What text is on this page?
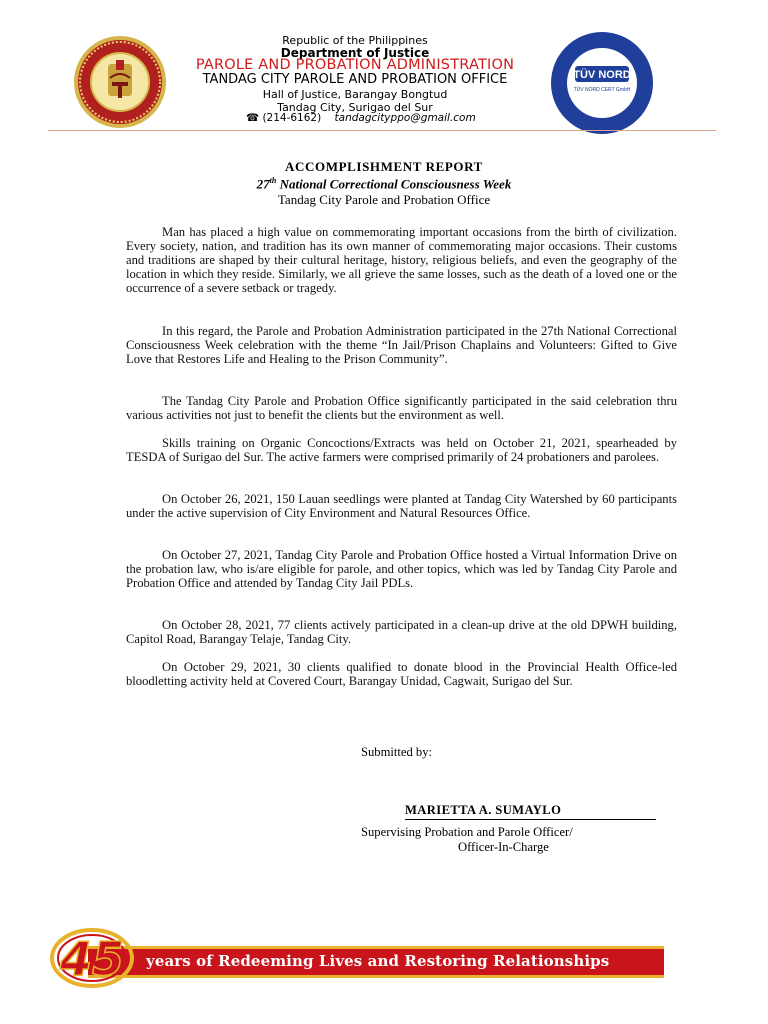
Republic of the Philippines
Department of Justice
PAROLE AND PROBATION ADMINISTRATION
TANDAG CITY PAROLE AND PROBATION OFFICE
Hall of Justice, Barangay Bongtud
Tandag City, Surigao del Sur
☎ (214-6162) tandagcityppo@gmail.com
TÜV NORD
TÜV NORD CERT GmbH
ISO 9001
ACCOMPLISHMENT REPORT
27th National Correctional Consciousness Week
Tandag City Parole and Probation Office

Man has placed a high value on commemorating important occasions from the birth of civilization. Every society, nation, and tradition has its own manner of commemorating major occasions. Their customs and traditions are shaped by their cultural heritage, history, religious beliefs, and even the geography of the location in which they reside. Similarly, we all grieve the same losses, such as the death of a loved one or the occurrence of a severe setback or tragedy.

In this regard, the Parole and Probation Administration participated in the 27th National Correctional Consciousness Week celebration with the theme “In Jail/Prison Chaplains and Volunteers: Gifted to Give Love that Restores Life and Healing to the Prison Community”.

The Tandag City Parole and Probation Office significantly participated in the said celebration thru various activities not just to benefit the clients but the environment as well.

Skills training on Organic Concoctions/Extracts was held on October 21, 2021, spearheaded by TESDA of Surigao del Sur. The active farmers were comprised primarily of 24 probationers and parolees.

On October 26, 2021, 150 Lauan seedlings were planted at Tandag City Watershed by 60 participants under the active supervision of City Environment and Natural Resources Office.

On October 27, 2021, Tandag City Parole and Probation Office hosted a Virtual Information Drive on the probation law, who is/are eligible for parole, and other topics, which was led by Tandag City Parole and Probation Office and attended by Tandag City Jail PDLs.

On October 28, 2021, 77 clients actively participated in a clean-up drive at the old DPWH building, Capitol Road, Barangay Telaje, Tandag City.

On October 29, 2021, 30 clients qualified to donate blood in the Provincial Health Office-led bloodletting activity held at Covered Court, Barangay Unidad, Cagwait, Surigao del Sur.

Submitted by:
MARIETTA A. SUMAYLO
Supervising Probation and Parole Officer/
Officer-In-Charge
45 years of Redeeming Lives and Restoring Relationships
